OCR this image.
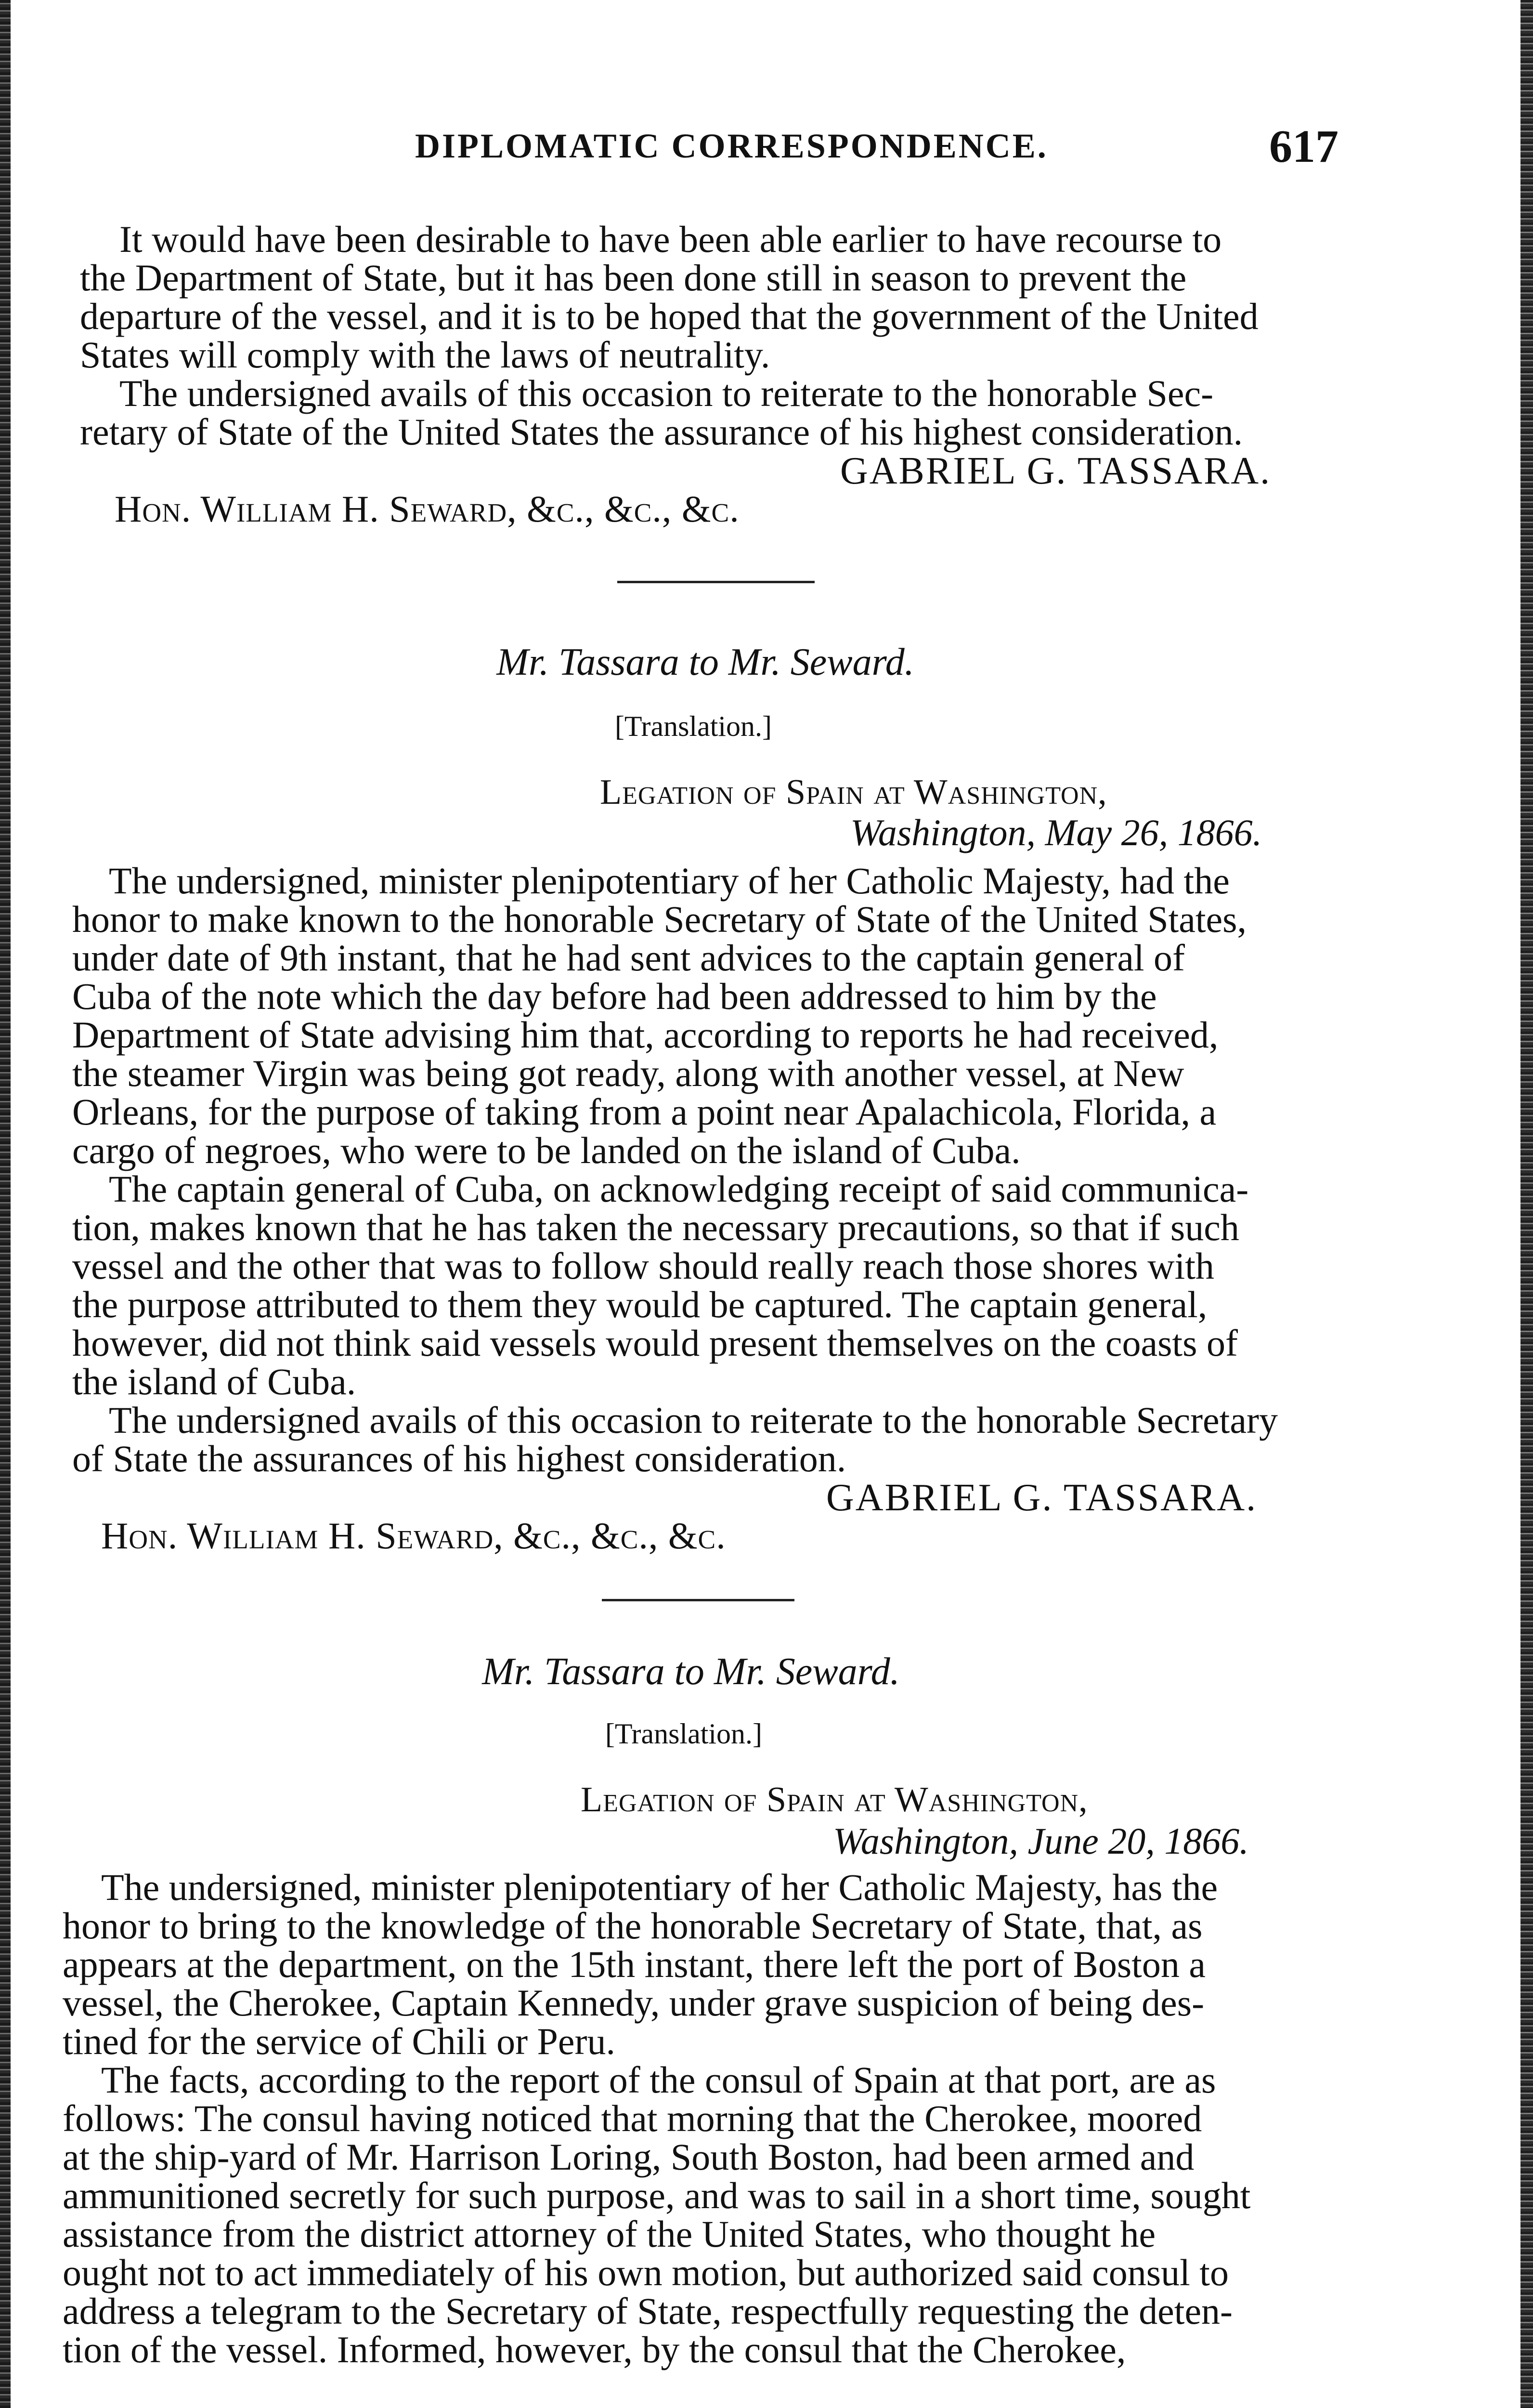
DIPLOMATIC CORRESPONDENCE.	617
It would have been desirable to have been able earlier to have recourse to
the Department of State, but it has been done still in season to prevent the
departure of the vessel, and it is to be hoped that the government of the United
States will comply with the laws of neutrality.
The undersigned avails of this occasion to reiterate to the honorable Sec-
retary of State of the United States the assurance of his highest consideration.
GABRIEL G. TASSARA.
Hon. William H. Seward, &c., &c., &c.
Mr. Tassara to Mr. Seward.
[Translation.]
Legation of Spain at Washington,
Washington, May 26, 1866.
The undersigned, minister plenipotentiary of her Catholic Majesty, had the
honor to make known to the honorable Secretary of State of the United States,
under date of 9th instant, that he had sent advices to the captain general of
Cuba of the note which the day before had been addressed to him by the
Department of State advising him that, according to reports he had received,
the steamer Virgin was being got ready, along with another vessel, at New
Orleans, for the purpose of taking from a point near Apalachicola, Florida, a
cargo of negroes, who were to be landed on the island of Cuba.
The captain general of Cuba, on acknowledging receipt of said communica-
tion, makes known that he has taken the necessary precautions, so that if such
vessel and the other that was to follow should really reach those shores with
the purpose attributed to them they would be captured. The captain general,
however, did not think said vessels would present themselves on the coasts of
the island of Cuba.
The undersigned avails of this occasion to reiterate to the honorable Secretary
of State the assurances of his highest consideration.
GABRIEL G. TASSARA.
Hon. William H. Seward, &c., &c., &c.
Mr. Tassara to Mr. Seward.
[Translation.]
Legation of Spain at Washington,
Washington, June 20, 1866.
The undersigned, minister plenipotentiary of her Catholic Majesty, has the
honor to bring to the knowledge of the honorable Secretary of State, that, as
appears at the department, on the 15th instant, there left the port of Boston a
vessel, the Cherokee, Captain Kennedy, under grave suspicion of being des-
tined for the service of Chili or Peru.
The facts, according to the report of the consul of Spain at that port, are as
follows: The consul having noticed that morning that the Cherokee, moored
at the ship-yard of Mr. Harrison Loring, South Boston, had been armed and
ammunitioned secretly for such purpose, and was to sail in a short time, sought
assistance from the district attorney of the United States, who thought he
ought not to act immediately of his own motion, but authorized said consul to
address a telegram to the Secretary of State, respectfully requesting the deten-
tion of the vessel. Informed, however, by the consul that the Cherokee,
